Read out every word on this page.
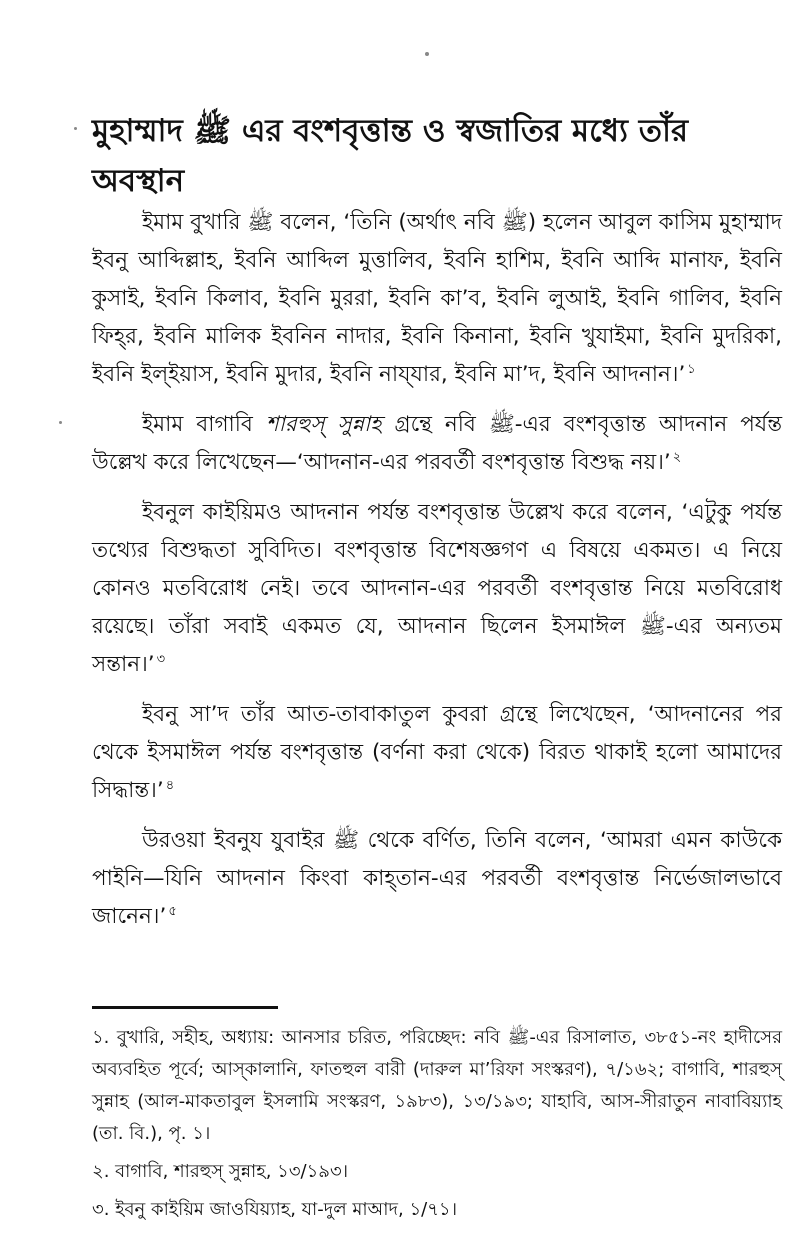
মুহাম্মাদ ﷺ এর বংশবৃত্তান্ত ও স্বজাতির মধ্যে তাঁর অবস্থান

ইমাম বুখারি ﷺ বলেন, ‘তিনি (অর্থাৎ নবি ﷺ) হলেন আবুল কাসিম মুহাম্মাদ ইবনু আব্দিল্লাহ, ইবনি আব্দিল মুত্তালিব, ইবনি হাশিম, ইবনি আব্দি মানাফ, ইবনি কুসাই, ইবনি কিলাব, ইবনি মুররা, ইবনি কা’ব, ইবনি লুআই, ইবনি গালিব, ইবনি ফিহ্‌র, ইবনি মালিক ইবনিন নাদার, ইবনি কিনানা, ইবনি খুযাইমা, ইবনি মুদরিকা, ইবনি ইল্‌ইয়াস, ইবনি মুদার, ইবনি নায্‌যার, ইবনি মা’দ, ইবনি আদনান।’ $^১$

ইমাম বাগাবি শারহুস্‌ সুন্নাহ গ্রন্থে নবি ﷺ-এর বংশবৃত্তান্ত আদনান পর্যন্ত উল্লেখ করে লিখেছেন—‘আদনান-এর পরবর্তী বংশবৃত্তান্ত বিশুদ্ধ নয়।’ $^২$

ইবনুল কাইয়িমও আদনান পর্যন্ত বংশবৃত্তান্ত উল্লেখ করে বলেন, ‘এটুকু পর্যন্ত তথ্যের বিশুদ্ধতা সুবিদিত। বংশবৃত্তান্ত বিশেষজ্ঞগণ এ বিষয়ে একমত। এ নিয়ে কোনও মতবিরোধ নেই। তবে আদনান-এর পরবর্তী বংশবৃত্তান্ত নিয়ে মতবিরোধ রয়েছে। তাঁরা সবাই একমত যে, আদনান ছিলেন ইসমাঈল ﷺ-এর অন্যতম সন্তান।’ $^৩$

ইবনু সা’দ তাঁর আত-তাবাকাতুল কুবরা গ্রন্থে লিখেছেন, ‘আদনানের পর থেকে ইসমাঈল পর্যন্ত বংশবৃত্তান্ত (বর্ণনা করা থেকে) বিরত থাকাই হলো আমাদের সিদ্ধান্ত।’ $^৪$

উরওয়া ইবনুয যুবাইর ﷺ থেকে বর্ণিত, তিনি বলেন, ‘আমরা এমন কাউকে পাইনি—যিনি আদনান কিংবা কাহ্‌তান-এর পরবর্তী বংশবৃত্তান্ত নির্ভেজালভাবে জানেন।’ $^৫$

১. বুখারি, সহীহ, অধ্যায়: আনসার চরিত, পরিচ্ছেদ: নবি ﷺ-এর রিসালাত, ৩৮৫১-নং হাদীসের অব্যবহিত পূর্বে; আস্‌কালানি, ফাতহুল বারী (দারুল মা’রিফা সংস্করণ), ৭/১৬২; বাগাবি, শারহুস্‌ সুন্নাহ (আল-মাকতাবুল ইসলামি সংস্করণ, ১৯৮৩), ১৩/১৯৩; যাহাবি, আস-সীরাতুন নাবাবিয়্যাহ (তা. বি.), পৃ. ১।

২. বাগাবি, শারহুস্‌ সুন্নাহ, ১৩/১৯৩।

৩. ইবনু কাইয়িম জাওযিয়্যাহ, যা-দুল মাআদ, ১/৭১।
